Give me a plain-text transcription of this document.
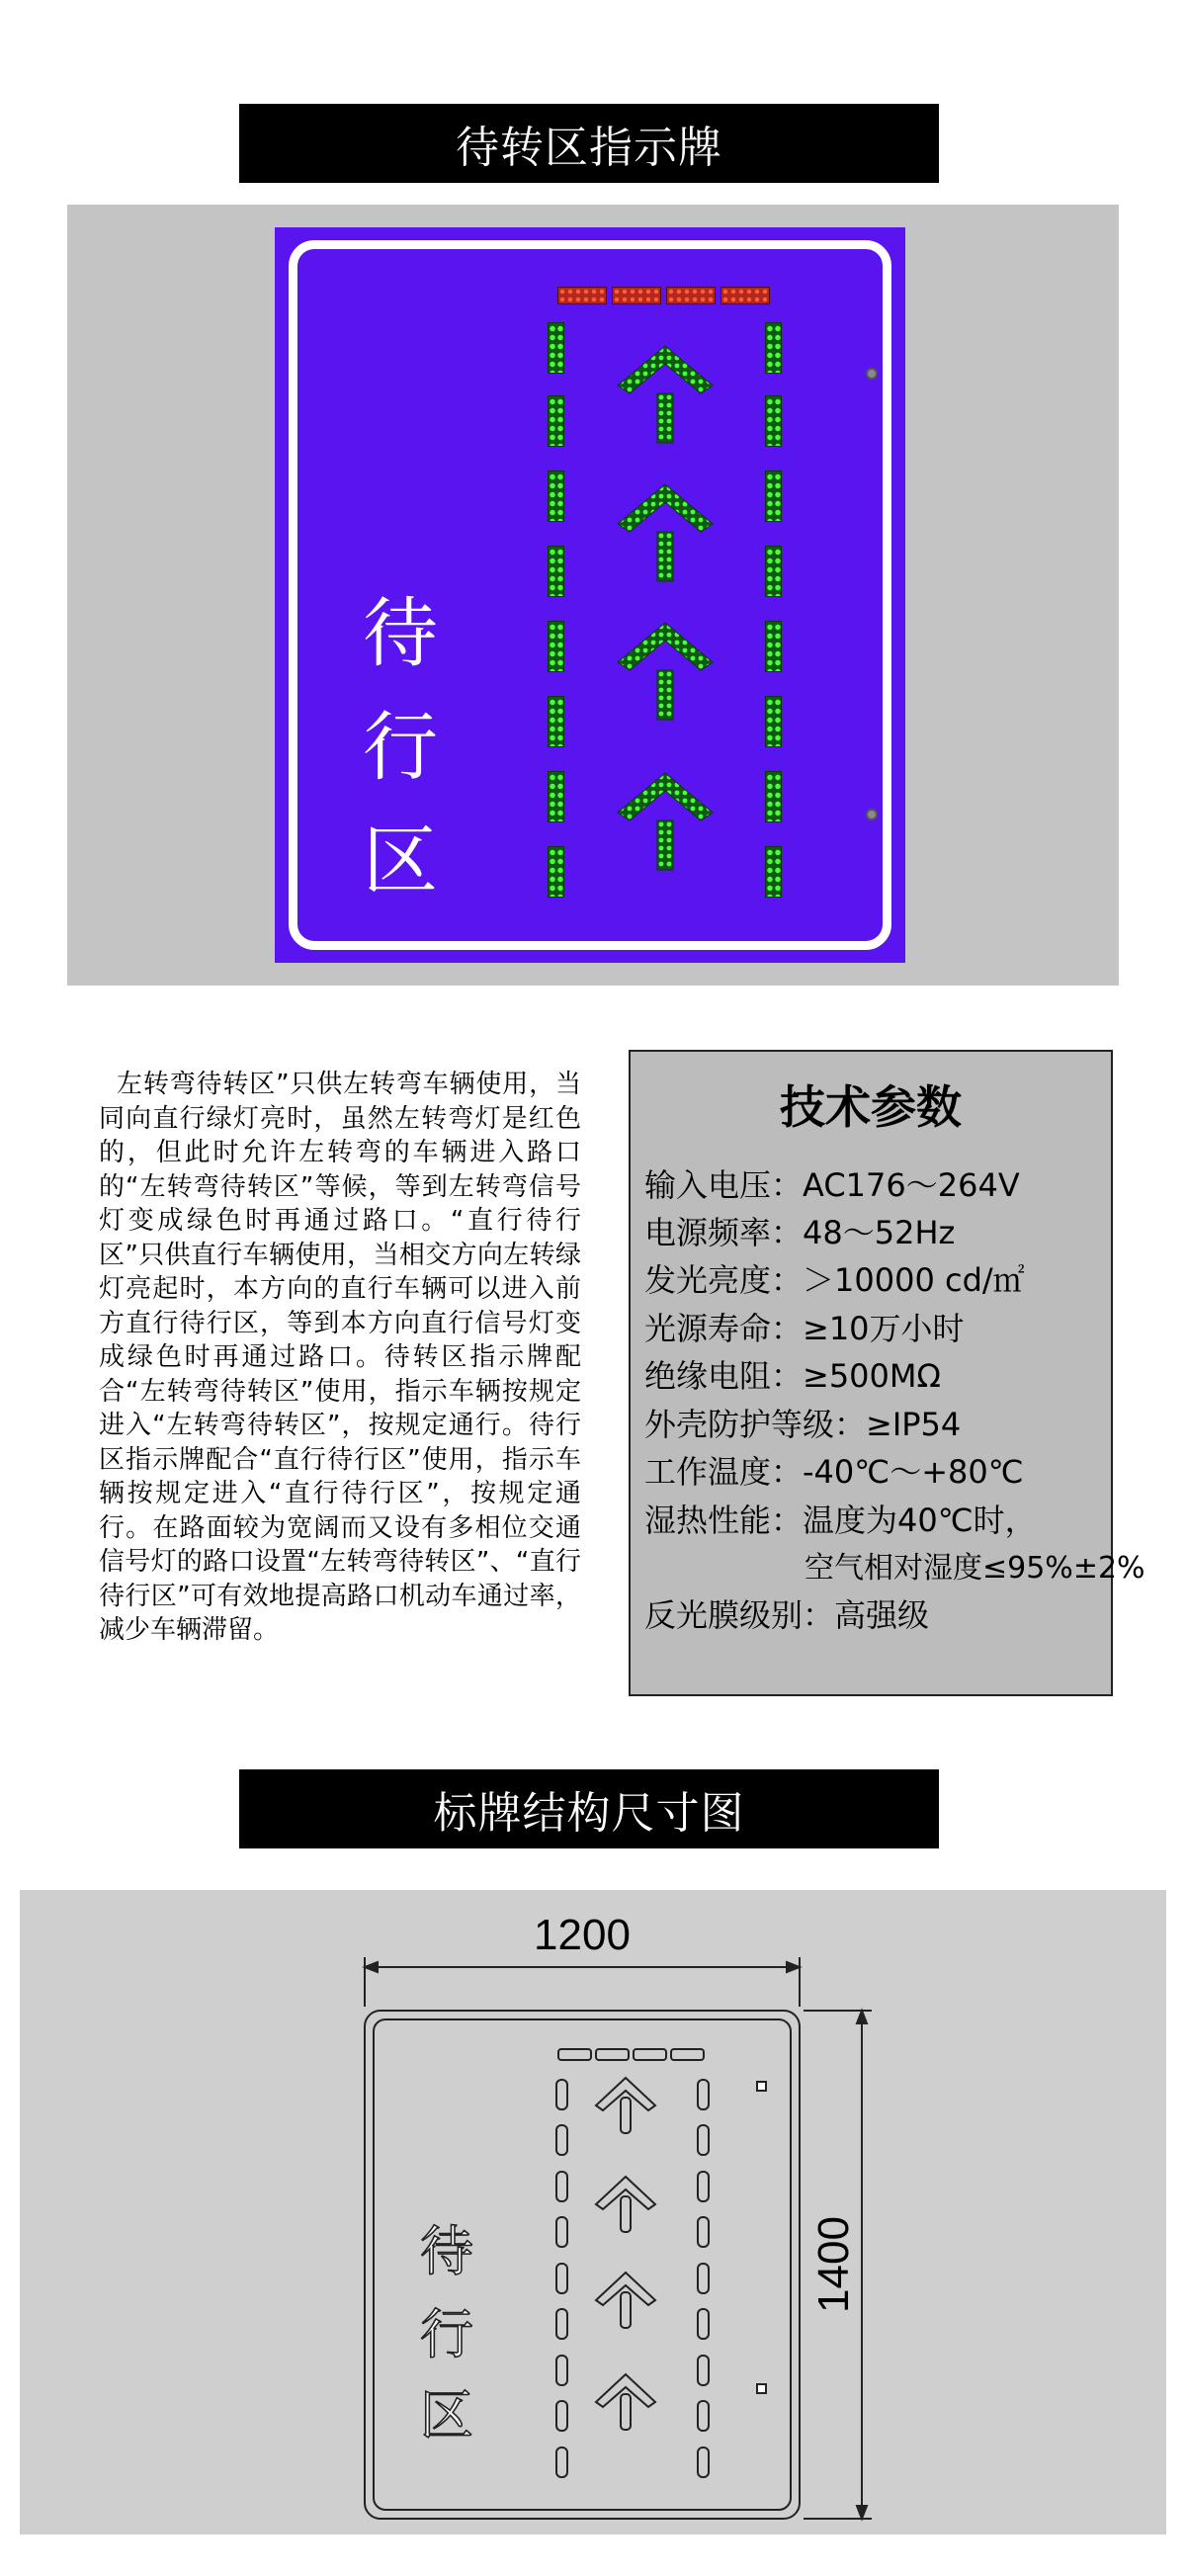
待转区指示牌
待
行
区

左转弯待转区”只供左转弯车辆使用，当同向直行绿灯亮时，虽然左转弯灯是红色的，但此时允许左转弯的车辆进入路口的“左转弯待转区”等候，等到左转弯信号灯变成绿色时再通过路口。“直行待行区”只供直行车辆使用，当相交方向左转绿灯亮起时，本方向的直行车辆可以进入前方直行待行区，等到本方向直行信号灯变成绿色时再通过路口。待转区指示牌配合“左转弯待转区”使用，指示车辆按规定进入“左转弯待转区”，按规定通行。待行区指示牌配合“直行待行区”使用，指示车辆按规定进入“直行待行区”，按规定通行。在路面较为宽阔而又设有多相位交通信号灯的路口设置“左转弯待转区”、“直行待行区”可有效地提高路口机动车通过率，减少车辆滞留。

技术参数
输入电压：AC176～264V
电源频率：48～52Hz
发光亮度：＞10000 cd/㎡
光源寿命：≥10万小时
绝缘电阻：≥500MΩ
外壳防护等级：≥IP54
工作温度：-40℃～+80℃
湿热性能：温度为40℃时，
空气相对湿度≤95%±2%
反光膜级别：高强级
标牌结构尺寸图
1200
1400
待
行
区
